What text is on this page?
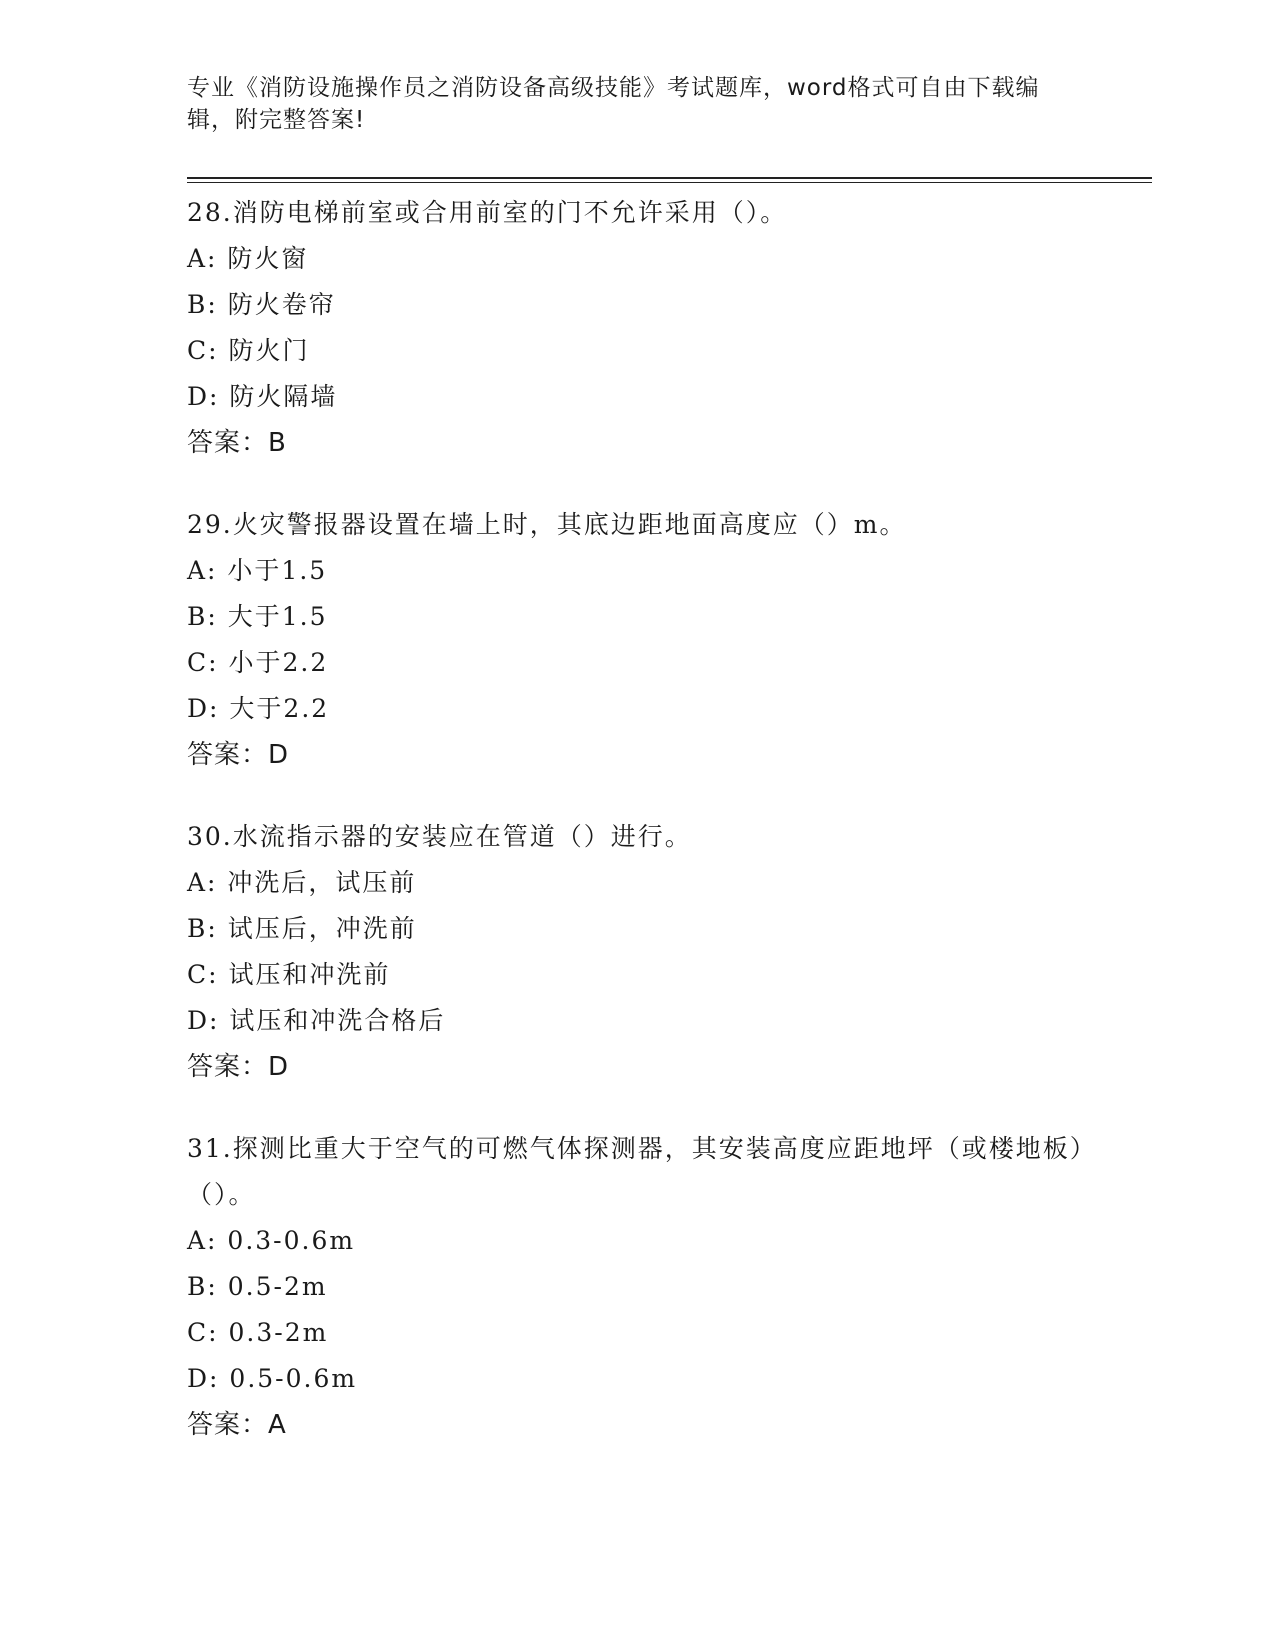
专业《消防设施操作员之消防设备高级技能》考试题库，word格式可自由下载编辑，附完整答案!
28.消防电梯前室或合用前室的门不允许采用（）。
A: 防火窗
B: 防火卷帘
C: 防火门
D: 防火隔墙
答案：B
29.火灾警报器设置在墙上时，其底边距地面高度应（）m。
A: 小于1.5
B: 大于1.5
C: 小于2.2
D: 大于2.2
答案：D
30.水流指示器的安装应在管道（）进行。
A: 冲洗后，试压前
B: 试压后，冲洗前
C: 试压和冲洗前
D: 试压和冲洗合格后
答案：D
31.探测比重大于空气的可燃气体探测器，其安装高度应距地坪（或楼地板）（）。
A: 0.3-0.6m
B: 0.5-2m
C: 0.3-2m
D: 0.5-0.6m
答案：A
